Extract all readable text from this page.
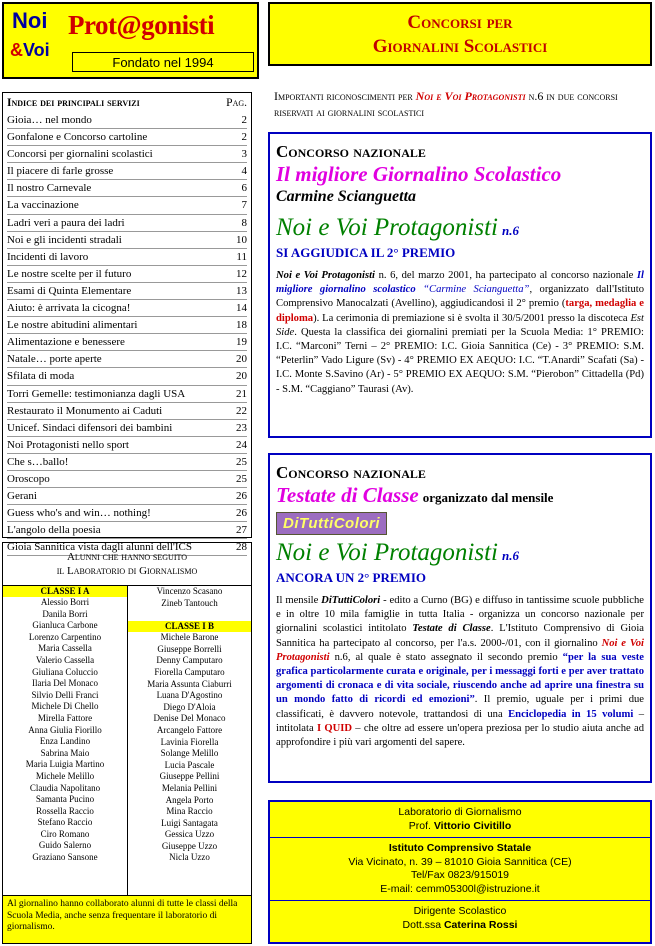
Noi
&Voi
Prot@gonisti
Fondato nel 1994
Concorsi per
Giornalini Scolastici
Importanti riconoscimenti per Noi e Voi Protagonisti n.6 in due concorsi riservati ai giornalini scolastici
Indice dei principali servizi	Pag.
Gioia… nel mondo	2
Gonfalone e Concorso cartoline	2
Concorsi per giornalini scolastici	3
Il piacere di farle grosse	4
Il nostro Carnevale	6
La vaccinazione	7
Ladri veri a paura dei ladri	8
Noi e gli incidenti stradali	10
Incidenti di lavoro	11
Le nostre scelte per il futuro	12
Esami di Quinta Elementare	13
Aiuto: è arrivata la cicogna!	14
Le nostre abitudini alimentari	18
Alimentazione e benessere	19
Natale… porte aperte	20
Sfilata di moda	20
Torri Gemelle: testimonianza dagli USA	21
Restaurato il Monumento ai Caduti	22
Unicef. Sindaci difensori dei bambini	23
Noi Protagonisti nello sport	24
Che s…ballo!	25
Oroscopo	25
Gerani	26
Guess who's and win… nothing!	26
L'angolo della poesia	27
Gioia Sannitica vista dagli alunni dell'ICS	28
Alunni che hanno seguito
il Laboratorio di Giornalismo
CLASSE I A
Alessio Borri
Danila Borri
Gianluca Carbone
Lorenzo Carpentino
Maria Cassella
Valerio Cassella
Giuliana Coluccio
Ilaria Del Monaco
Silvio Delli Franci
Michele Di Chello
Mirella Fattore
Anna Giulia Fiorillo
Enza Landino
Sabrina Maio
Maria Luigia Martino
Michele Melillo
Claudia Napolitano
Samanta Pucino
Rossella Raccio
Stefano Raccio
Ciro Romano
Guido Salerno
Graziano Sansone
Vincenzo Scasano
Zineb Tantouch
CLASSE I B
Michele Barone
Giuseppe Borrelli
Denny Camputaro
Fiorella Camputaro
Maria Assunta Ciaburri
Luana D'Agostino
Diego D'Aloia
Denise Del Monaco
Arcangelo Fattore
Lavinia Fiorella
Solange Melillo
Lucia Pascale
Giuseppe Pellini
Melania Pellini
Angela Porto
Mina Raccio
Luigi Santagata
Gessica Uzzo
Giuseppe Uzzo
Nicla Uzzo
Al giornalino hanno collaborato alunni di tutte le classi della Scuola Media, anche senza frequentare il laboratorio di giornalismo.
Concorso nazionale
Il migliore Giornalino Scolastico
Carmine Scianguetta
Noi e Voi Protagonisti n.6
SI AGGIUDICA IL 2° PREMIO
Noi e Voi Protagonisti n. 6, del marzo 2001, ha partecipato al concorso nazionale Il migliore giornalino scolastico “Carmine Scianguetta”, organizzato dall'Istituto Comprensivo Manocalzati (Avellino), aggiudicandosi il 2° premio (targa, medaglia e diploma). La cerimonia di premiazione si è svolta il 30/5/2001 presso la discoteca Est Side. Questa la classifica dei giornalini premiati per la Scuola Media: 1° PREMIO: I.C. “Marconi” Terni – 2° PREMIO: I.C. Gioia Sannitica (Ce) - 3° PREMIO: S.M. “Peterlin” Vado Ligure (Sv) - 4° PREMIO EX AEQUO: I.C. “T.Anardi” Scafati (Sa) - I.C. Monte S.Savino (Ar) - 5° PREMIO EX AEQUO: S.M. “Pierobon” Cittadella (Pd) - S.M. “Caggiano” Taurasi (Av).
Concorso nazionale
Testate di Classe organizzato dal mensile
DiTuttiColori
Noi e Voi Protagonisti n.6
ANCORA UN 2° PREMIO
Il mensile DiTuttiColori - edito a Curno (BG) e diffuso in tantissime scuole pubbliche e in oltre 10 mila famiglie in tutta Italia - organizza un concorso nazionale per giornalini scolastici intitolato Testate di Classe. L'Istituto Comprensivo di Gioia Sannitica ha partecipato al concorso, per l'a.s. 2000-/01, con il giornalino Noi e Voi Protagonisti n.6, al quale è stato assegnato il secondo premio “per la sua veste grafica particolarmente curata e originale, per i messaggi forti e per aver trattato argomenti di cronaca e di vita sociale, riuscendo anche ad aprire una finestra su un mondo fatto di ricordi ed emozioni”. Il premio, uguale per i primi due classificati, è davvero notevole, trattandosi di una Enciclopedia in 15 volumi – intitolata I QUID – che oltre ad essere un'opera preziosa per lo studio aiuta anche ad approfondire i più vari argomenti del sapere.
Laboratorio di Giornalismo
Prof. Vittorio Civitillo
Istituto Comprensivo Statale
Via Vicinato, n. 39 – 81010 Gioia Sannitica (CE)
Tel/Fax 0823/915019
E-mail: cemm05300l@istruzione.it
Dirigente Scolastico
Dott.ssa Caterina Rossi
